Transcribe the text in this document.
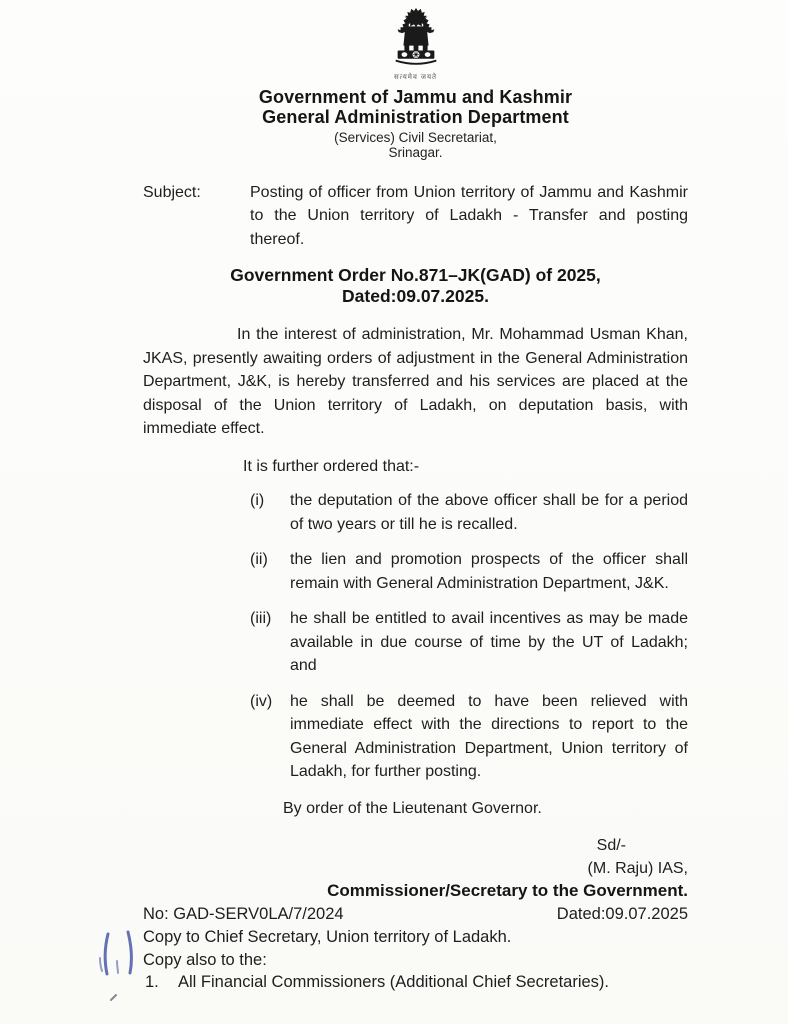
सत्यमेव जयते
Government of Jammu and Kashmir
General Administration Department
(Services) Civil Secretariat,
Srinagar.
Subject:	Posting of officer from Union territory of Jammu and Kashmir to the Union territory of Ladakh - Transfer and posting thereof.
Government Order No.871–JK(GAD) of 2025,
Dated:09.07.2025.
In the interest of administration, Mr. Mohammad Usman Khan, JKAS, presently awaiting orders of adjustment in the General Administration Department, J&K, is hereby transferred and his services are placed at the disposal of the Union territory of Ladakh, on deputation basis, with immediate effect.
It is further ordered that:-
(i)	the deputation of the above officer shall be for a period of two years or till he is recalled.
(ii)	the lien and promotion prospects of the officer shall remain with General Administration Department, J&K.
(iii)	he shall be entitled to avail incentives as may be made available in due course of time by the UT of Ladakh; and
(iv)	he shall be deemed to have been relieved with immediate effect with the directions to report to the General Administration Department, Union territory of Ladakh, for further posting.
By order of the Lieutenant Governor.
Sd/-
(M. Raju) IAS,
Commissioner/Secretary to the Government.
No: GAD-SERV0LA/7/2024	Dated:09.07.2025
Copy to Chief Secretary, Union territory of Ladakh.
Copy also to the:
1.	All Financial Commissioners (Additional Chief Secretaries).
